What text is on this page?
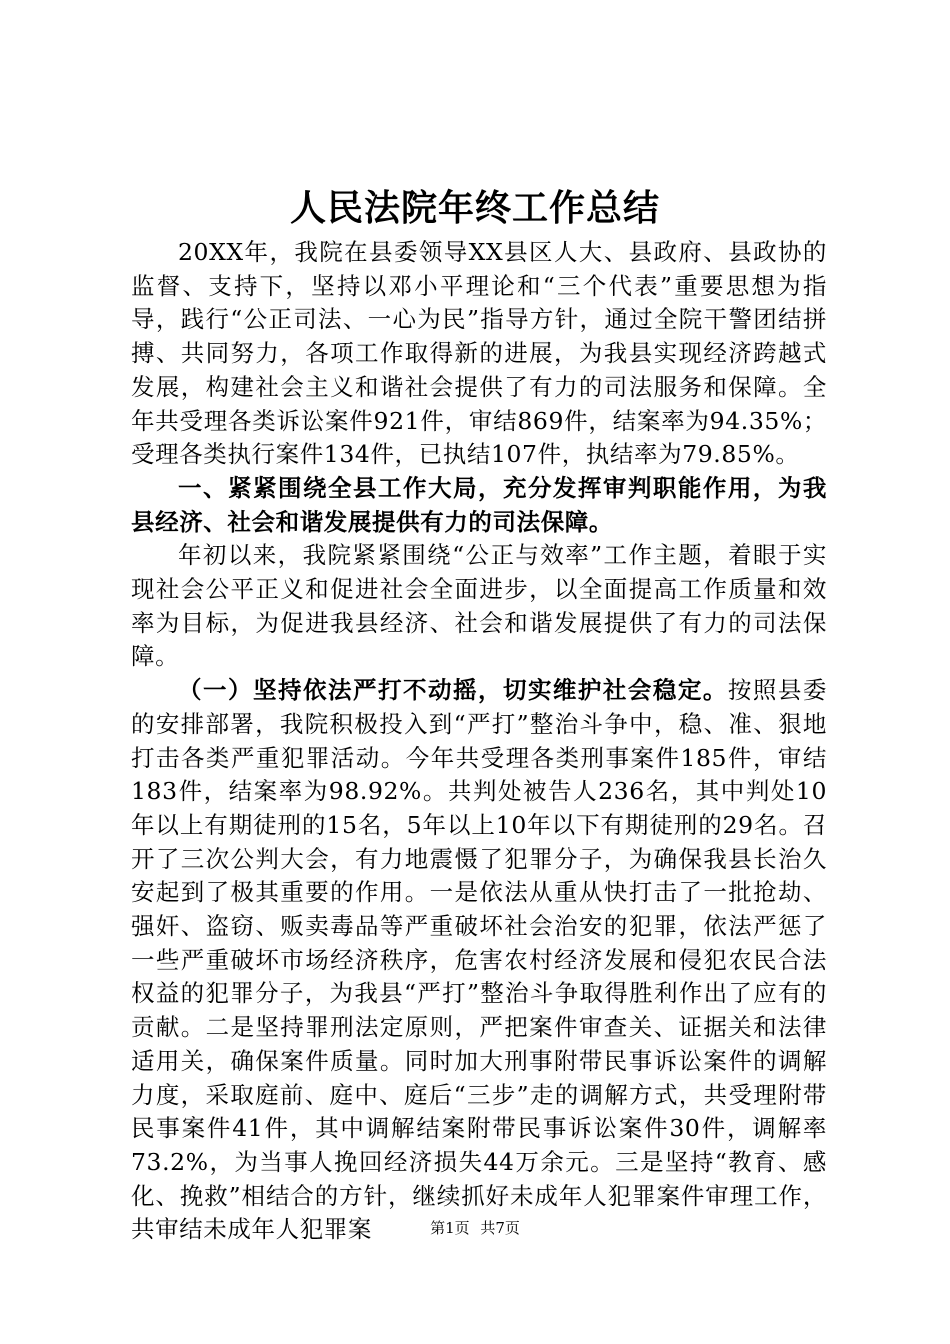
人民法院年终工作总结

20XX年，我院在县委领导XX县区人大、县政府、县政协的监督、支持下，坚持以邓小平理论和“三个代表”重要思想为指导，践行“公正司法、一心为民”指导方针，通过全院干警团结拼搏、共同努力，各项工作取得新的进展，为我县实现经济跨越式发展，构建社会主义和谐社会提供了有力的司法服务和保障。全年共受理各类诉讼案件921件，审结869件，结案率为94.35%；受理各类执行案件134件，已执结107件，执结率为79.85%。

一、紧紧围绕全县工作大局，充分发挥审判职能作用，为我县经济、社会和谐发展提供有力的司法保障。

年初以来，我院紧紧围绕“公正与效率”工作主题，着眼于实现社会公平正义和促进社会全面进步，以全面提高工作质量和效率为目标，为促进我县经济、社会和谐发展提供了有力的司法保障。

（一）坚持依法严打不动摇，切实维护社会稳定。按照县委的安排部署，我院积极投入到“严打”整治斗争中，稳、准、狠地打击各类严重犯罪活动。今年共受理各类刑事案件185件，审结183件，结案率为98.92%。共判处被告人236名，其中判处10年以上有期徒刑的15名，5年以上10年以下有期徒刑的29名。召开了三次公判大会，有力地震慑了犯罪分子，为确保我县长治久安起到了极其重要的作用。一是依法从重从快打击了一批抢劫、强奸、盗窃、贩卖毒品等严重破坏社会治安的犯罪，依法严惩了一些严重破坏市场经济秩序，危害农村经济发展和侵犯农民合法权益的犯罪分子，为我县“严打”整治斗争取得胜利作出了应有的贡献。二是坚持罪刑法定原则，严把案件审查关、证据关和法律适用关，确保案件质量。同时加大刑事附带民事诉讼案件的调解力度，采取庭前、庭中、庭后“三步”走的调解方式，共受理附带民事案件41件，其中调解结案附带民事诉讼案件30件，调解率73.2%，为当事人挽回经济损失44万余元。三是坚持“教育、感化、挽救”相结合的方针，继续抓好未成年人犯罪案件审理工作，共审结未成年人犯罪案	第1页 共7页
